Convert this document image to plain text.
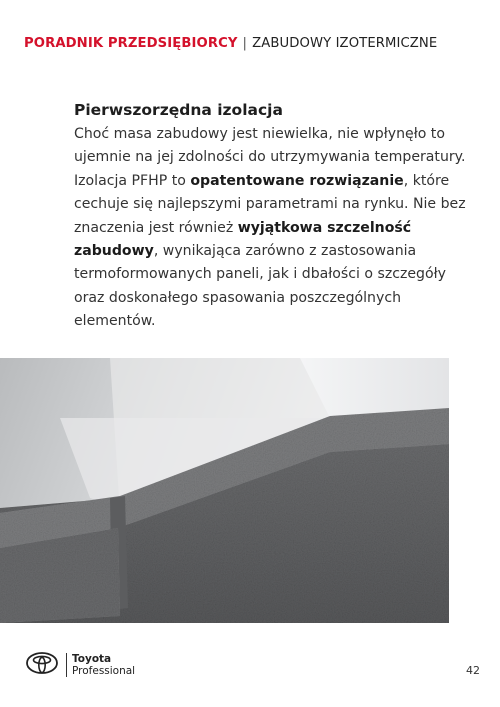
PORADNIK PRZEDSIĘBIORCY | ZABUDOWY IZOTERMICZNE
Pierwszorzędna izolacja

Choć masa zabudowy jest niewielka, nie wpłynęło to ujemnie na jej zdolności do utrzymywania temperatury. Izolacja PFHP to opatentowane rozwiązanie, które cechuje się najlepszymi parametrami na rynku. Nie bez znaczenia jest również wyjątkowa szczelność zabudowy, wynikająca zarówno z zastosowania termoformowanych paneli, jak i dbałości o szczegóły oraz doskonałego spasowania poszczególnych elementów.

Toyota
Professional	42
